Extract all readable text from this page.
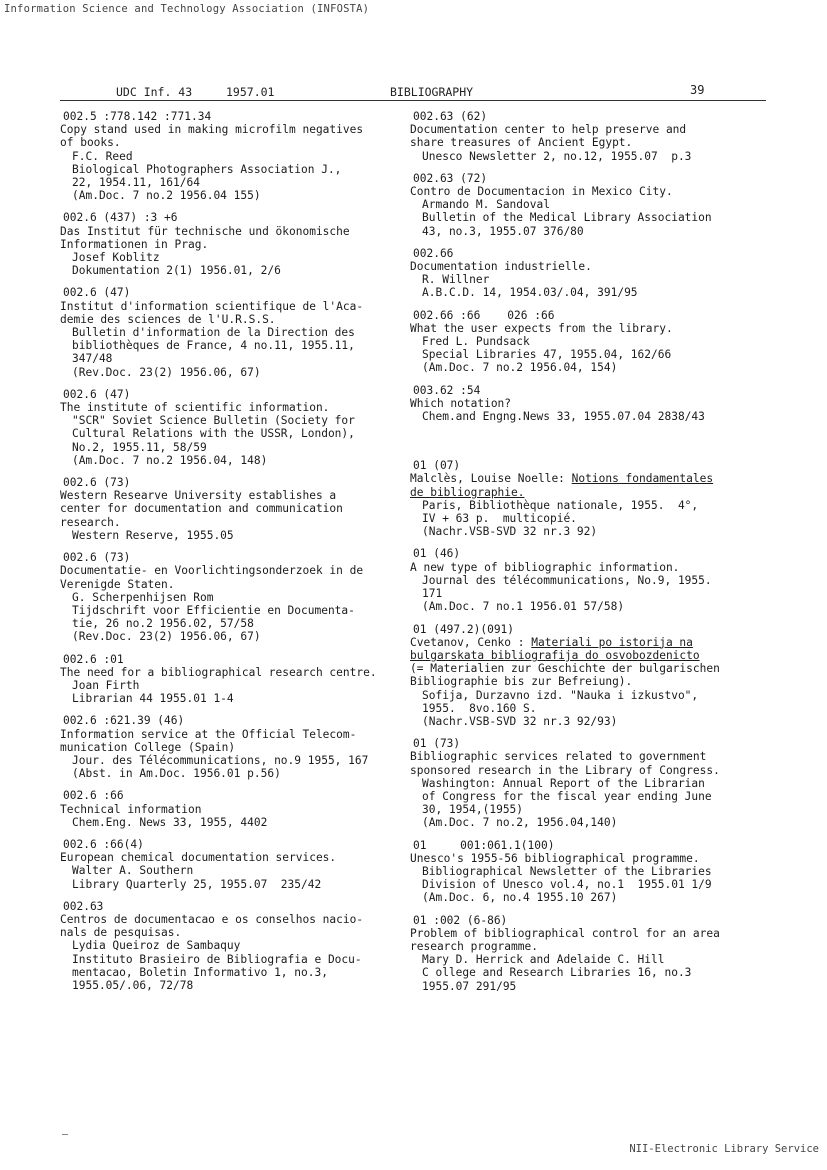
Information Science and Technology Association (INFOSTA)
UDC Inf. 43	1957.01	BIBLIOGRAPHY	39
002.5 :778.142 :771.34
Copy stand used in making microfilm negatives
of books.
F.C. Reed
Biological Photographers Association J.,
22, 1954.11, 161/64
(Am.Doc. 7 no.2 1956.04 155)
002.6 (437) :3 +6
Das Institut für technische und ökonomische
Informationen in Prag.
Josef Koblitz
Dokumentation 2(1) 1956.01, 2/6
002.6 (47)
Institut d'information scientifique de l'Aca-
demie des sciences de l'U.R.S.S.
Bulletin d'information de la Direction des
bibliothèques de France, 4 no.11, 1955.11,
347/48
(Rev.Doc. 23(2) 1956.06, 67)
002.6 (47)
The institute of scientific information.
"SCR" Soviet Science Bulletin (Society for
Cultural Relations with the USSR, London),
No.2, 1955.11, 58/59
(Am.Doc. 7 no.2 1956.04, 148)
002.6 (73)
Western Researve University establishes a
center for documentation and communication
research.
Western Reserve, 1955.05
002.6 (73)
Documentatie- en Voorlichtingsonderzoek in de
Verenigde Staten.
G. Scherpenhijsen Rom
Tijdschrift voor Efficientie en Documenta-
tie, 26 no.2 1956.02, 57/58
(Rev.Doc. 23(2) 1956.06, 67)
002.6 :01
The need for a bibliographical research centre.
Joan Firth
Librarian 44 1955.01 1-4
002.6 :621.39 (46)
Information service at the Official Telecom-
munication College (Spain)
Jour. des Télécommunications, no.9 1955, 167
(Abst. in Am.Doc. 1956.01 p.56)
002.6 :66
Technical information
Chem.Eng. News 33, 1955, 4402
002.6 :66(4)
European chemical documentation services.
Walter A. Southern
Library Quarterly 25, 1955.07  235/42
002.63
Centros de documentacao e os conselhos nacio-
nals de pesquisas.
Lydia Queiroz de Sambaquy
Instituto Brasieiro de Bibliografia e Docu-
mentacao, Boletin Informativo 1, no.3,
1955.05/.06, 72/78
002.63 (62)
Documentation center to help preserve and
share treasures of Ancient Egypt.
Unesco Newsletter 2, no.12, 1955.07  p.3
002.63 (72)
Contro de Documentacion in Mexico City.
Armando M. Sandoval
Bulletin of the Medical Library Association
43, no.3, 1955.07 376/80
002.66
Documentation industrielle.
R. Willner
A.B.C.D. 14, 1954.03/.04, 391/95
002.66 :66    026 :66
What the user expects from the library.
Fred L. Pundsack
Special Libraries 47, 1955.04, 162/66
(Am.Doc. 7 no.2 1956.04, 154)
003.62 :54
Which notation?
Chem.and Engng.News 33, 1955.07.04 2838/43
01 (07)
Malclès, Louise Noelle: Notions fondamentales
de bibliographie.
Paris, Bibliothèque nationale, 1955.  4°,
IV + 63 p.  multicopié.
(Nachr.VSB-SVD 32 nr.3 92)
01 (46)
A new type of bibliographic information.
Journal des télécommunications, No.9, 1955.
171
(Am.Doc. 7 no.1 1956.01 57/58)
01 (497.2)(091)
Cvetanov, Cenko : Materiali po istorija na
bulgarskata bibliografija do osvobozdenicto
(= Materialien zur Geschichte der bulgarischen
Bibliographie bis zur Befreiung).
Sofija, Durzavno izd. "Nauka i izkustvo",
1955.  8vo.160 S.
(Nachr.VSB-SVD 32 nr.3 92/93)
01 (73)
Bibliographic services related to government
sponsored research in the Library of Congress.
Washington: Annual Report of the Librarian
of Congress for the fiscal year ending June
30, 1954,(1955)
(Am.Doc. 7 no.2, 1956.04,140)
01     001:061.1(100)
Unesco's 1955-56 bibliographical programme.
Bibliographical Newsletter of the Libraries
Division of Unesco vol.4, no.1  1955.01 1/9
(Am.Doc. 6, no.4 1955.10 267)
01 :002 (6-86)
Problem of bibliographical control for an area
research programme.
Mary D. Herrick and Adelaide C. Hill
C ollege and Research Libraries 16, no.3
1955.07 291/95
NII-Electronic Library Service
